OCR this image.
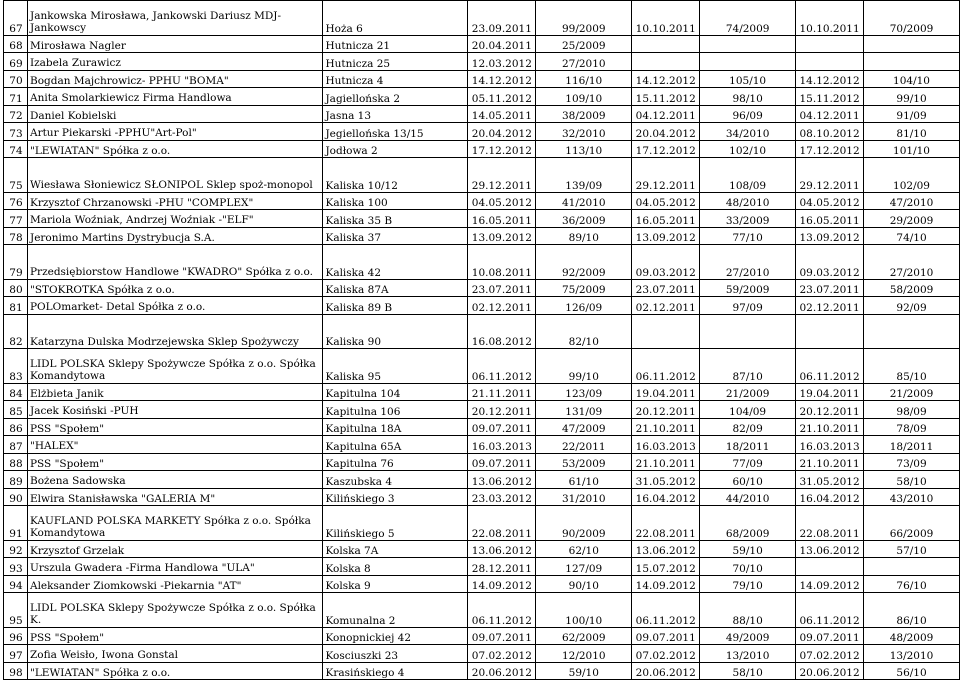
67	Jankowska Mirosława, Jankowski Dariusz MDJ-Jankowscy	Hoża 6	23.09.2011	99/2009	10.10.2011	74/2009	10.10.2011	70/2009
68	Mirosława Nagler	Hutnicza 21	20.04.2011	25/2009				
69	Izabela Zurawicz	Hutnicza 25	12.03.2012	27/2010				
70	Bogdan Majchrowicz- PPHU "BOMA"	Hutnicza 4	14.12.2012	116/10	14.12.2012	105/10	14.12.2012	104/10
71	Anita Smolarkiewicz Firma Handlowa	Jagiellońska 2	05.11.2012	109/10	15.11.2012	98/10	15.11.2012	99/10
72	Daniel Kobielski	Jasna 13	14.05.2011	38/2009	04.12.2011	96/09	04.12.2011	91/09
73	Artur Piekarski -PPHU"Art-Pol"	Jegiellońska 13/15	20.04.2012	32/2010	20.04.2012	34/2010	08.10.2012	81/10
74	"LEWIATAN" Spółka z o.o.	Jodłowa 2	17.12.2012	113/10	17.12.2012	102/10	17.12.2012	101/10
75	Wiesława Słoniewicz SŁONIPOL Sklep spoż-monopol	Kaliska 10/12	29.12.2011	139/09	29.12.2011	108/09	29.12.2011	102/09
76	Krzysztof Chrzanowski -PHU "COMPLEX"	Kaliska 100	04.05.2012	41/2010	04.05.2012	48/2010	04.05.2012	47/2010
77	Mariola Woźniak, Andrzej Woźniak -"ELF"	Kaliska 35 B	16.05.2011	36/2009	16.05.2011	33/2009	16.05.2011	29/2009
78	Jeronimo Martins Dystrybucja S.A.	Kaliska 37	13.09.2012	89/10	13.09.2012	77/10	13.09.2012	74/10
79	Przedsiębiorstow Handlowe "KWADRO" Spółka z o.o.	Kaliska 42	10.08.2011	92/2009	09.03.2012	27/2010	09.03.2012	27/2010
80	"STOKROTKA Spółka z o.o.	Kaliska 87A	23.07.2011	75/2009	23.07.2011	59/2009	23.07.2011	58/2009
81	POLOmarket- Detal Spółka z o.o.	Kaliska 89 B	02.12.2011	126/09	02.12.2011	97/09	02.12.2011	92/09
82	Katarzyna Dulska Modrzejewska Sklep Spożywczy	Kaliska 90	16.08.2012	82/10				
83	LIDL POLSKA Sklepy Spożywcze Spółka z o.o. Spółka Komandytowa	Kaliska 95	06.11.2012	99/10	06.11.2012	87/10	06.11.2012	85/10
84	Elżbieta Janik	Kapitulna 104	21.11.2011	123/09	19.04.2011	21/2009	19.04.2011	21/2009
85	Jacek Kosiński -PUH	Kapitulna 106	20.12.2011	131/09	20.12.2011	104/09	20.12.2011	98/09
86	PSS "Społem"	Kapitulna 18A	09.07.2011	47/2009	21.10.2011	82/09	21.10.2011	78/09
87	"HALEX"	Kapitulna 65A	16.03.2013	22/2011	16.03.2013	18/2011	16.03.2013	18/2011
88	PSS "Społem"	Kapitulna 76	09.07.2011	53/2009	21.10.2011	77/09	21.10.2011	73/09
89	Bożena Sadowska	Kaszubska 4	13.06.2012	61/10	31.05.2012	60/10	31.05.2012	58/10
90	Elwira Stanisławska "GALERIA M"	Kilińskiego 3	23.03.2012	31/2010	16.04.2012	44/2010	16.04.2012	43/2010
91	KAUFLAND POLSKA MARKETY Spółka z o.o. Spółka Komandytowa	Kilińskiego 5	22.08.2011	90/2009	22.08.2011	68/2009	22.08.2011	66/2009
92	Krzysztof Grzelak	Kolska 7A	13.06.2012	62/10	13.06.2012	59/10	13.06.2012	57/10
93	Urszula Gwadera -Firma Handlowa "ULA"	Kolska 8	28.12.2011	127/09	15.07.2012	70/10		
94	Aleksander Ziomkowski -Piekarnia "AT"	Kolska 9	14.09.2012	90/10	14.09.2012	79/10	14.09.2012	76/10
95	LIDL POLSKA Sklepy Spożywcze Spółka z o.o. Spółka K.	Komunalna 2	06.11.2012	100/10	06.11.2012	88/10	06.11.2012	86/10
96	PSS "Społem"	Konopnickiej 42	09.07.2011	62/2009	09.07.2011	49/2009	09.07.2011	48/2009
97	Zofia Weisło, Iwona Gonstal	Kosciuszki 23	07.02.2012	12/2010	07.02.2012	13/2010	07.02.2012	13/2010
98	"LEWIATAN" Spółka z o.o.	Krasińskiego 4	20.06.2012	59/10	20.06.2012	58/10	20.06.2012	56/10
